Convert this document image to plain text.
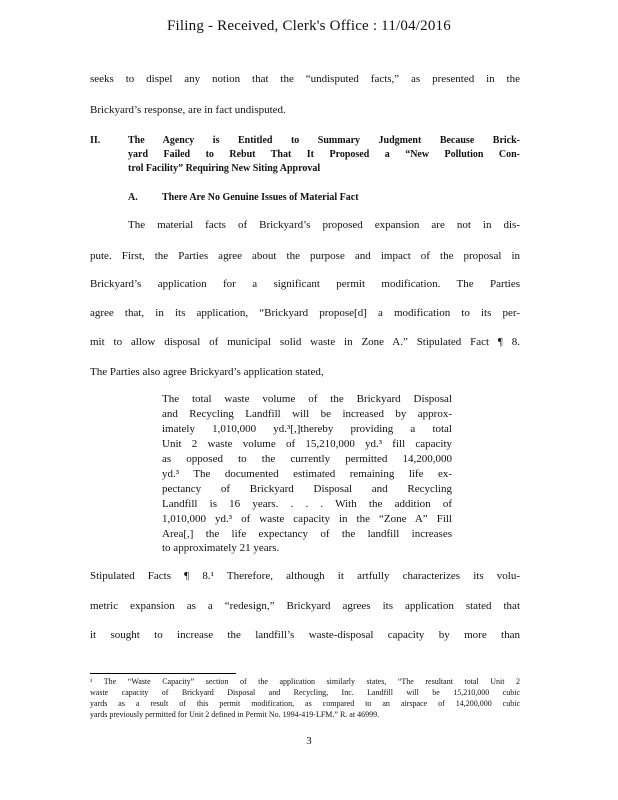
Filing - Received, Clerk's Office : 11/04/2016
seeks to dispel any notion that the “undisputed facts,” as presented in the
Brickyard’s response, are in fact undisputed.
II.	The Agency is Entitled to Summary Judgment Because Brick-
yard Failed to Rebut That It Proposed a “New Pollution Con-
trol Facility” Requiring New Siting Approval
A. There Are No Genuine Issues of Material Fact
The material facts of Brickyard’s proposed expansion are not in dis-
pute. First, the Parties agree about the purpose and impact of the proposal in
Brickyard’s application for a significant permit modification. The Parties
agree that, in its application, “Brickyard propose[d] a modification to its per-
mit to allow disposal of municipal solid waste in Zone A.” Stipulated Fact ¶ 8.
The Parties also agree Brickyard’s application stated,
The total waste volume of the Brickyard Disposal
and Recycling Landfill will be increased by approx-
imately 1,010,000 yd.³[,]thereby providing a total
Unit 2 waste volume of 15,210,000 yd.³ fill capacity
as opposed to the currently permitted 14,200,000
yd.³ The documented estimated remaining life ex-
pectancy of Brickyard Disposal and Recycling
Landfill is 16 years. . . . With the addition of
1,010,000 yd.³ of waste capacity in the “Zone A” Fill
Area[,] the life expectancy of the landfill increases
to approximately 21 years.
Stipulated Facts ¶ 8.¹ Therefore, although it artfully characterizes its volu-
metric expansion as a “redesign,” Brickyard agrees its application stated that
it sought to increase the landfill’s waste-disposal capacity by more than
¹ The “Waste Capacity” section of the application similarly states, “The resultant total Unit 2
waste capacity of Brickyard Disposal and Recycling, Inc. Landfill will be 15,210,000 cubic
yards as a result of this permit modification, as compared to an airspace of 14,200,000 cubic
yards previously permitted for Unit 2 defined in Permit No. 1994-419-LFM.” R. at 46999.
3
